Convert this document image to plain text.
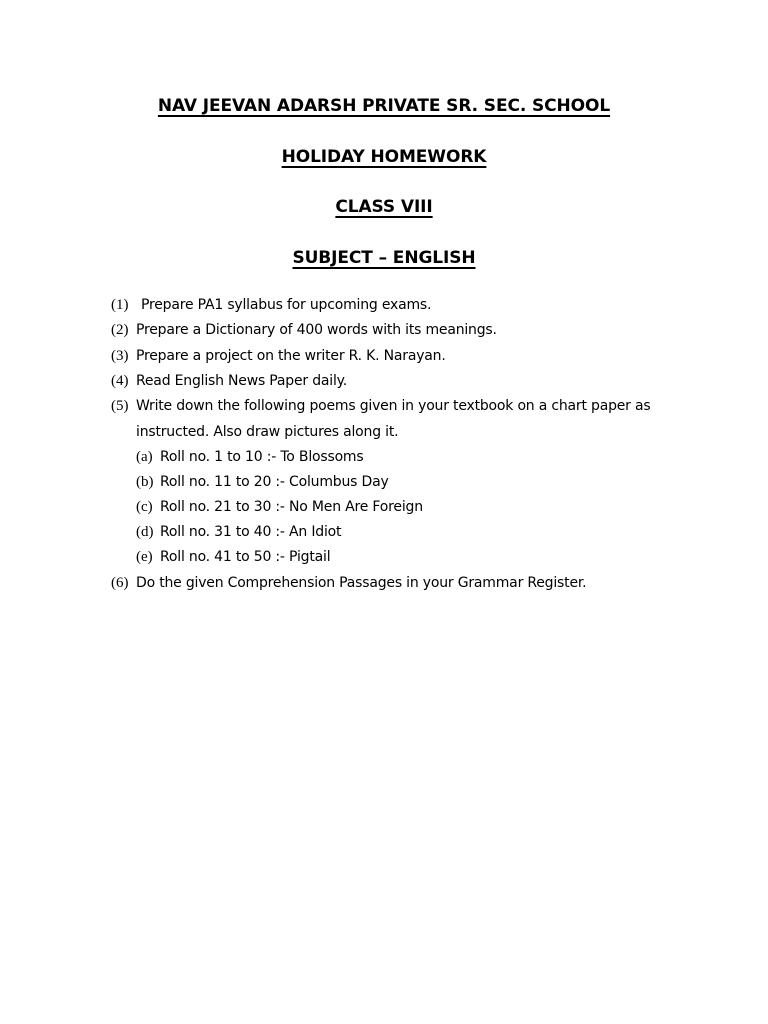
NAV JEEVAN ADARSH PRIVATE SR. SEC. SCHOOL
HOLIDAY HOMEWORK
CLASS VIII
SUBJECT – ENGLISH
(1) Prepare PA1 syllabus for upcoming exams.
(2) Prepare a Dictionary of 400 words with its meanings.
(3) Prepare a project on the writer R. K. Narayan.
(4) Read English News Paper daily.
(5) Write down the following poems given in your textbook on a chart paper as
instructed. Also draw pictures along it.
(a) Roll no. 1 to 10 :- To Blossoms
(b) Roll no. 11 to 20 :- Columbus Day
(c) Roll no. 21 to 30 :- No Men Are Foreign
(d) Roll no. 31 to 40 :- An Idiot
(e) Roll no. 41 to 50 :- Pigtail
(6) Do the given Comprehension Passages in your Grammar Register.
